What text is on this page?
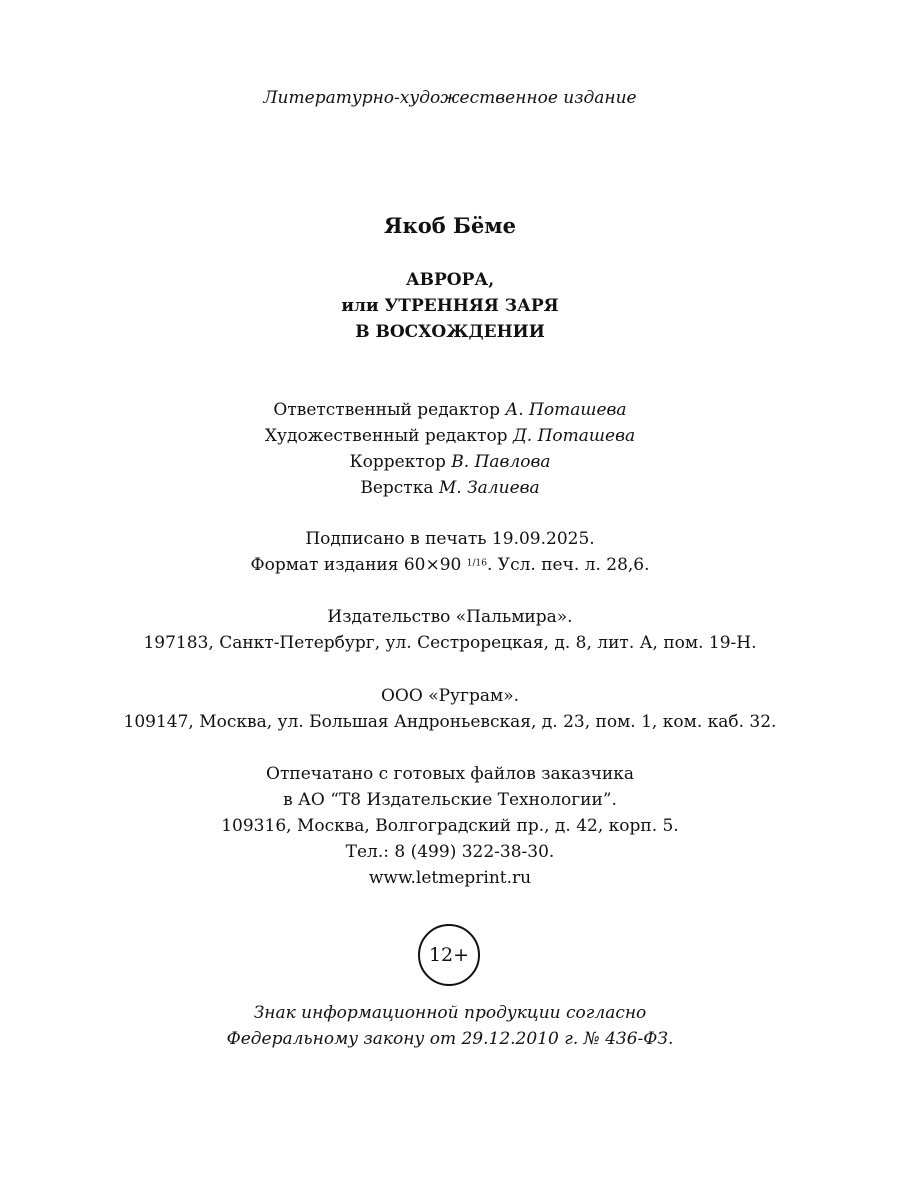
Литературно-художественное издание
Якоб Бёме
АВРОРА,
или УТРЕННЯЯ ЗАРЯ
В ВОСХОЖДЕНИИ
Ответственный редактор А. Поташева
Художественный редактор Д. Поташева
Корректор В. Павлова
Верстка М. Залиева
Подписано в печать 19.09.2025.
Формат издания 60×90 $^{1/16}$. Усл. печ. л. 28,6.
Издательство «Пальмира».
197183, Санкт-Петербург, ул. Сестрорецкая, д. 8, лит. А, пом. 19-Н.
ООО «Руграм».
109147, Москва, ул. Большая Андроньевская, д. 23, пом. 1, ком. каб. 32.
Отпечатано с готовых файлов заказчика
в АО “Т8 Издательские Технологии”.
109316, Москва, Волгоградский пр., д. 42, корп. 5.
Тел.: 8 (499) 322-38-30.
www.letmeprint.ru
12+
Знак информационной продукции согласно
Федеральному закону от 29.12.2010 г. № 436-ФЗ.
